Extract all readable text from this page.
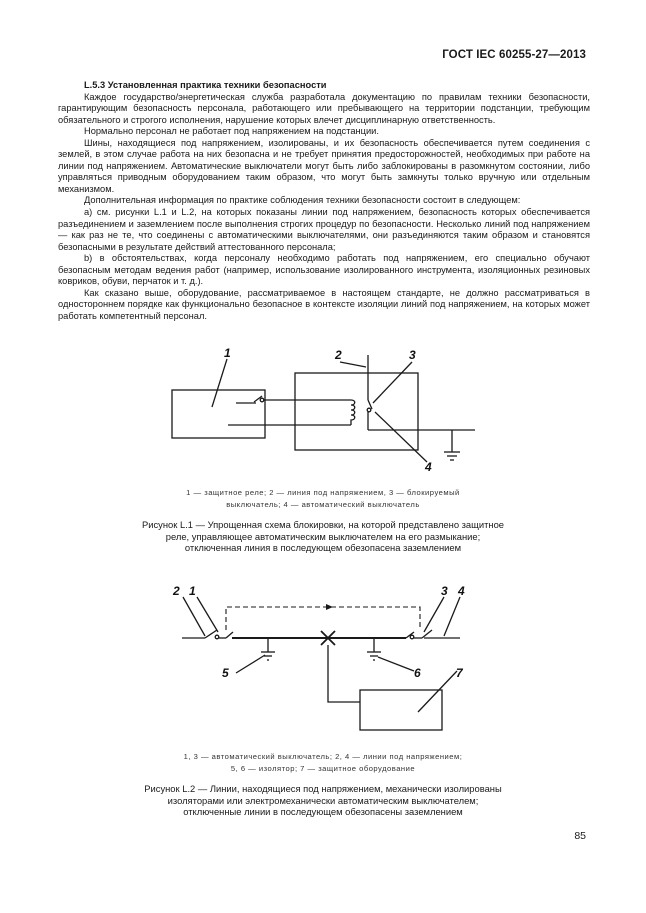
ГОСТ IEC 60255-27—2013

L.5.3 Установленная практика техники безопасности

Каждое государство/энергетическая служба разработала документацию по правилам техники безопасности, гарантирующим безопасность персонала, работающего или пребывающего на территории подстанции, требующим обязательного и строгого исполнения, нарушение которых влечет дисциплинарную ответственность.

Нормально персонал не работает под напряжением на подстанции.

Шины, находящиеся под напряжением, изолированы, и их безопасность обеспечивается путем соединения с землей, в этом случае работа на них безопасна и не требует принятия предосторожностей, необходимых при работе на линии под напряжением. Автоматические выключатели могут быть либо заблокированы в разомкнутом состоянии, либо управляться приводным оборудованием таким образом, что могут быть замкнуты только вручную или отдельным механизмом.

Дополнительная информация по практике соблюдения техники безопасности состоит в следующем:

а) см. рисунки L.1 и L.2, на которых показаны линии под напряжением, безопасность которых обеспечивается разъединением и заземлением после выполнения строгих процедур по безопасности. Несколько линий под напряжением — как раз не те, что соединены с автоматическими выключателями, они разъединяются таким образом и становятся безопасными в результате действий аттестованного персонала;

b) в обстоятельствах, когда персоналу необходимо работать под напряжением, его специально обучают безопасным методам ведения работ (например, использование изолированного инструмента, изоляционных резиновых ковриков, обуви, перчаток и т. д.).

Как сказано выше, оборудование, рассматриваемое в настоящем стандарте, не должно рассматриваться в одностороннем порядке как функционально безопасное в контексте изоляции линий под напряжением, на которых может работать компетентный персонал.

1	2	3
4
2 1	3 4
5	6	7
1 — защитное реле; 2 — линия под напряжением, 3 — блокируемый
выключатель; 4 — автоматический выключатель
Рисунок L.1 — Упрощенная схема блокировки, на которой представлено защитное
реле, управляющее автоматическим выключателем на его размыкание;
отключенная линия в последующем обезопасена заземлением
1, 3 — автоматический выключатель; 2, 4 — линии под напряжением;
5, 6 — изолятор; 7 — защитное оборудование
Рисунок L.2 — Линии, находящиеся под напряжением, механически изолированы
изоляторами или электромеханически автоматическим выключателем;
отключенные линии в последующем обезопасены заземлением
85
